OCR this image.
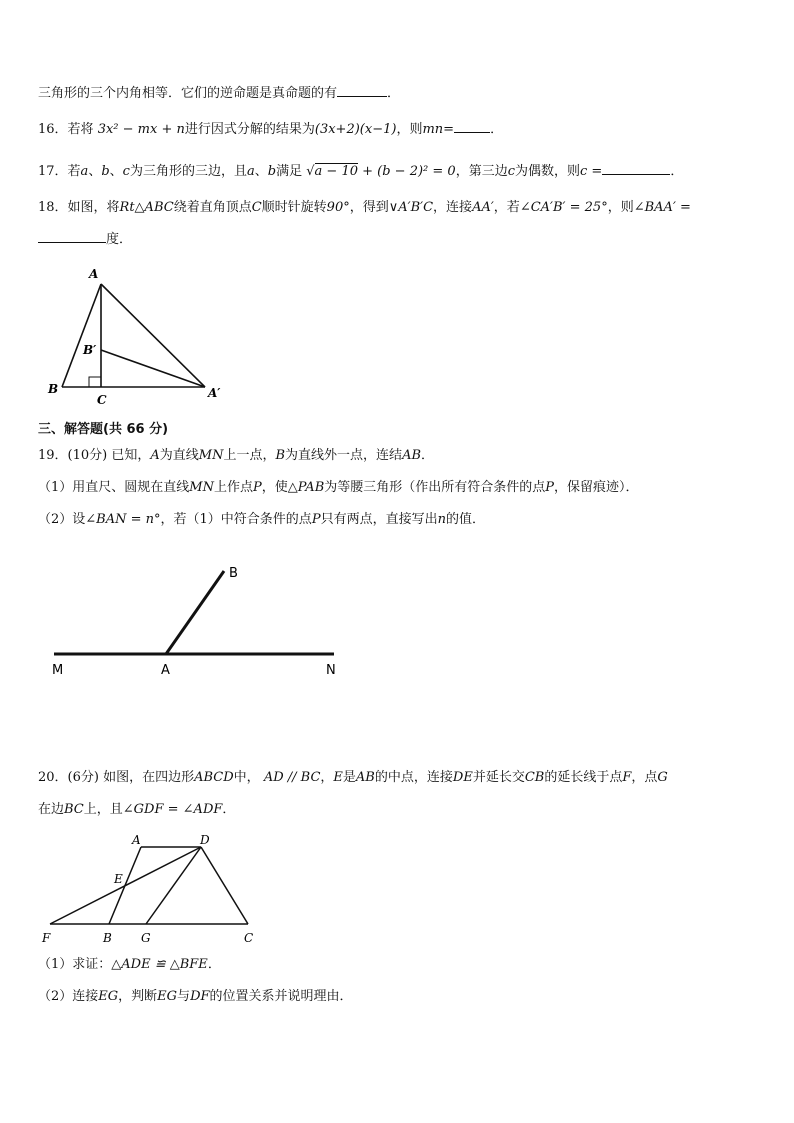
三角形的三个内角相等．它们的逆命题是真命题的有	．
16．若将 3x² − mx + n进行因式分解的结果为(3x+2)(x−1)，则mn=	．
17．若a、b、c为三角形的三边，且a、b满足 √a − 10 + (b − 2)² = 0，第三边c为偶数，则c =	．
18．如图，将Rt△ABC绕着直角顶点C顺时针旋转90°，得到∨A′B′C，连接AA′，若∠CA′B′ = 25°，则∠BAA′ =
度．
A
B′
B
C	A′
三、解答题(共 66 分)
19．(10分) 已知，A为直线MN上一点，B为直线外一点，连结AB．
（1）用直尺、圆规在直线MN上作点P，使△PAB为等腰三角形（作出所有符合条件的点P，保留痕迹）．
（2）设∠BAN = n°，若（1）中符合条件的点P只有两点，直接写出n的值．
M	A	N
B
20．(6分) 如图，在四边形ABCD中， AD // BC，E是AB的中点，连接DE并延长交CB的延长线于点F，点G
在边BC上，且∠GDF = ∠ADF．
A	D
E
F	B G	C
（1）求证：△ADE ≌ △BFE．
（2）连接EG，判断EG与DF的位置关系并说明理由．
